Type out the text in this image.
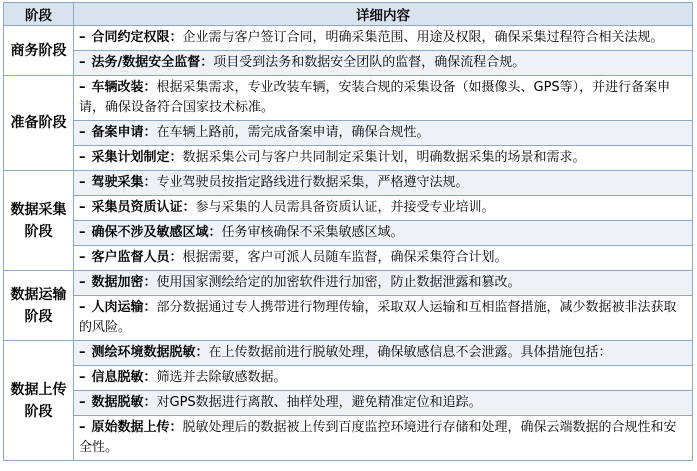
阶段	详细内容
商务阶段	– 合同约定权限：企业需与客户签订合同，明确采集范围、用途及权限，确保采集过程符合相关法规。
	– 法务/数据安全监督：项目受到法务和数据安全团队的监督，确保流程合规。
准备阶段	– 车辆改装：根据采集需求，专业改装车辆，安装合规的采集设备（如摄像头、GPS等），并进行备案申请，确保设备符合国家技术标准。
	– 备案申请：在车辆上路前，需完成备案申请，确保合规性。
	– 采集计划制定：数据采集公司与客户共同制定采集计划，明确数据采集的场景和需求。
数据采集阶段	– 驾驶采集：专业驾驶员按指定路线进行数据采集，严格遵守法规。
	– 采集员资质认证：参与采集的人员需具备资质认证，并接受专业培训。
	– 确保不涉及敏感区域：任务审核确保不采集敏感区域。
	– 客户监督人员：根据需要，客户可派人员随车监督，确保采集符合计划。
数据运输阶段	– 数据加密：使用国家测绘给定的加密软件进行加密，防止数据泄露和篡改。
	– 人肉运输：部分数据通过专人携带进行物理传输，采取双人运输和互相监督措施，减少数据被非法获取的风险。
数据上传阶段	– 测绘环境数据脱敏：在上传数据前进行脱敏处理，确保敏感信息不会泄露。具体措施包括：
	– 信息脱敏：筛选并去除敏感数据。
	– 数据脱敏：对GPS数据进行离散、抽样处理，避免精准定位和追踪。
	– 原始数据上传：脱敏处理后的数据被上传到百度监控环境进行存储和处理，确保云端数据的合规性和安全性。
